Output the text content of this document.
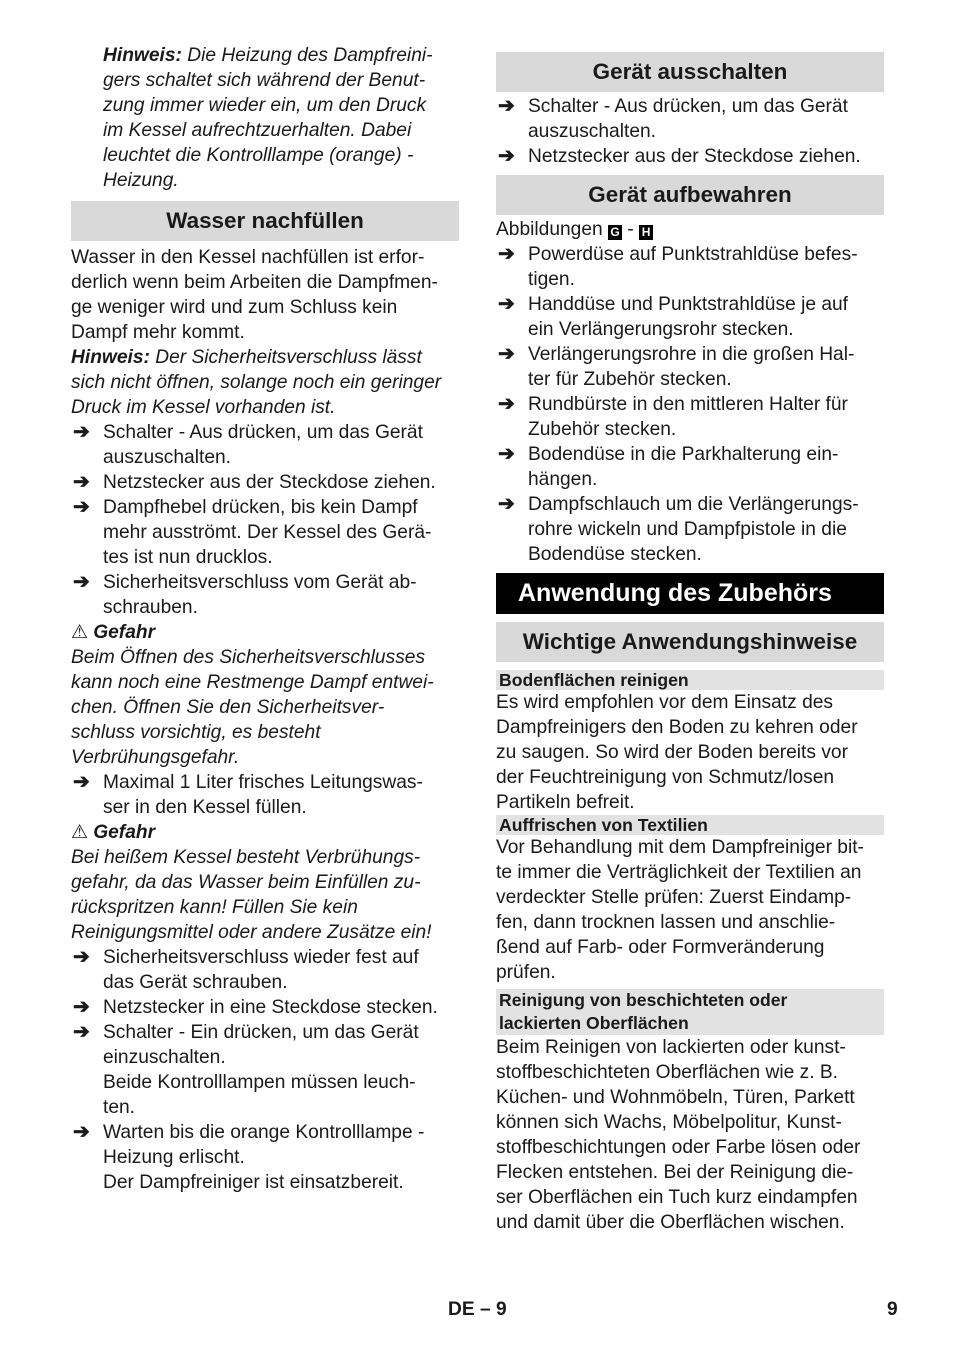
Hinweis: Die Heizung des Dampfreini-
gers schaltet sich während der Benut-
zung immer wieder ein, um den Druck
im Kessel aufrechtzuerhalten. Dabei
leuchtet die Kontrolllampe (orange) -
Heizung.

Wasser nachfüllen

Wasser in den Kessel nachfüllen ist erfor-
derlich wenn beim Arbeiten die Dampfmen-
ge weniger wird und zum Schluss kein
Dampf mehr kommt.

Hinweis: Der Sicherheitsverschluss lässt
sich nicht öffnen, solange noch ein geringer
Druck im Kessel vorhanden ist.

➔ Schalter - Aus drücken, um das Gerät
auszuschalten.
➔ Netzstecker aus der Steckdose ziehen.
➔ Dampfhebel drücken, bis kein Dampf
mehr ausströmt. Der Kessel des Gerä-
tes ist nun drucklos.
➔ Sicherheitsverschluss vom Gerät ab-
schrauben.

⚠ Gefahr

Beim Öffnen des Sicherheitsverschlusses
kann noch eine Restmenge Dampf entwei-
chen. Öffnen Sie den Sicherheitsver-
schluss vorsichtig, es besteht
Verbrühungsgefahr.

➔ Maximal 1 Liter frisches Leitungswas-
ser in den Kessel füllen.

⚠ Gefahr

Bei heißem Kessel besteht Verbrühungs-
gefahr, da das Wasser beim Einfüllen zu-
rückspritzen kann! Füllen Sie kein
Reinigungsmittel oder andere Zusätze ein!

➔ Sicherheitsverschluss wieder fest auf
das Gerät schrauben.
➔ Netzstecker in eine Steckdose stecken.
➔ Schalter - Ein drücken, um das Gerät
einzuschalten.

Beide Kontrolllampen müssen leuch-
ten.

➔ Warten bis die orange Kontrolllampe -
Heizung erlischt.

Der Dampfreiniger ist einsatzbereit.

Gerät ausschalten
➔ Schalter - Aus drücken, um das Gerät
auszuschalten.
➔ Netzstecker aus der Steckdose ziehen.
Gerät aufbewahren

Abbildungen G - H

➔ Powerdüse auf Punktstrahldüse befes-
tigen.
➔ Handdüse und Punktstrahldüse je auf
ein Verlängerungsrohr stecken.
➔ Verlängerungsrohre in die großen Hal-
ter für Zubehör stecken.
➔ Rundbürste in den mittleren Halter für
Zubehör stecken.
➔ Bodendüse in die Parkhalterung ein-
hängen.
➔ Dampfschlauch um die Verlängerungs-
rohre wickeln und Dampfpistole in die
Bodendüse stecken.
Anwendung des Zubehörs
Wichtige Anwendungshinweise
Bodenflächen reinigen

Es wird empfohlen vor dem Einsatz des
Dampfreinigers den Boden zu kehren oder
zu saugen. So wird der Boden bereits vor
der Feuchtreinigung von Schmutz/losen
Partikeln befreit.

Auffrischen von Textilien

Vor Behandlung mit dem Dampfreiniger bit-
te immer die Verträglichkeit der Textilien an
verdeckter Stelle prüfen: Zuerst Eindamp-
fen, dann trocknen lassen und anschlie-
ßend auf Farb- oder Formveränderung
prüfen.

Reinigung von beschichteten oder
lackierten Oberflächen

Beim Reinigen von lackierten oder kunst-
stoffbeschichteten Oberflächen wie z. B.
Küchen- und Wohnmöbeln, Türen, Parkett
können sich Wachs, Möbelpolitur, Kunst-
stoffbeschichtungen oder Farbe lösen oder
Flecken entstehen. Bei der Reinigung die-
ser Oberflächen ein Tuch kurz eindampfen
und damit über die Oberflächen wischen.

DE – 9	9
